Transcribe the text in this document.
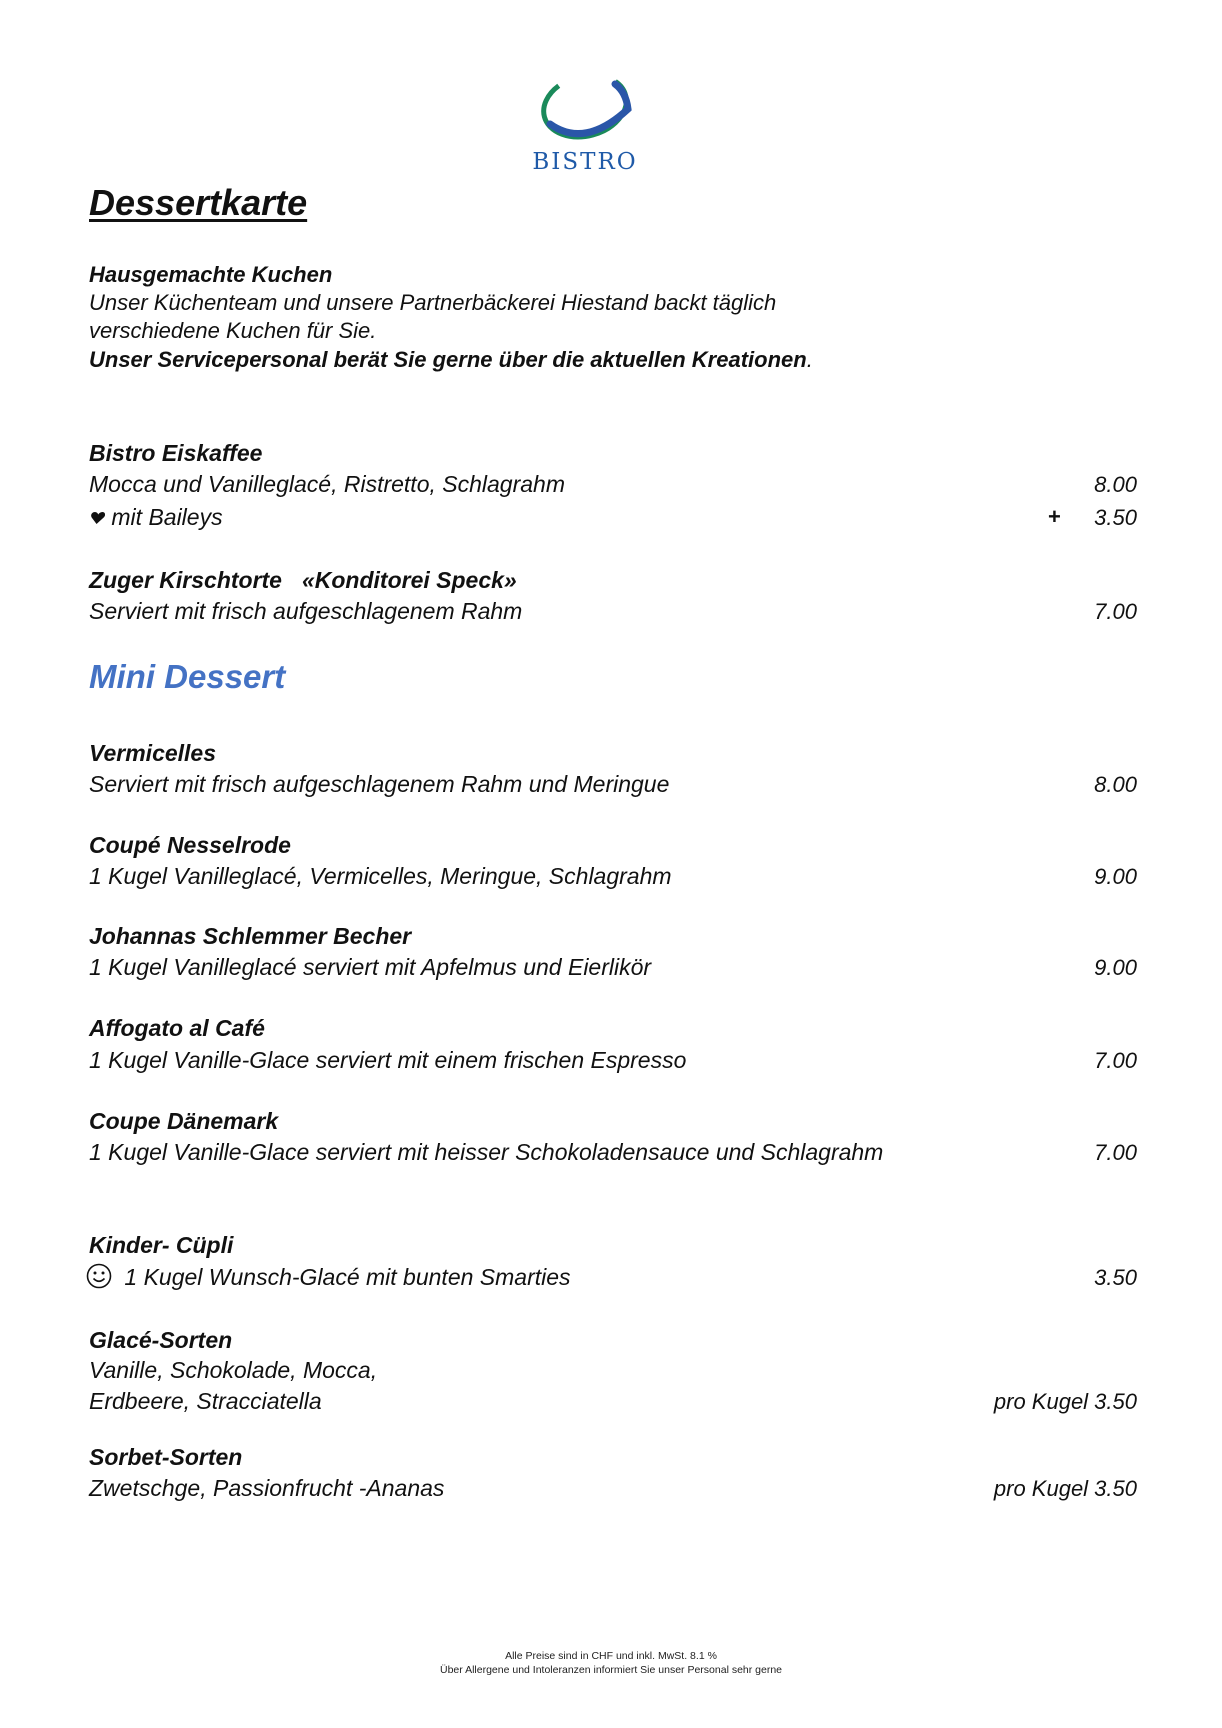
BISTRO
Dessertkarte
Hausgemachte Kuchen
Unser Küchenteam und unsere Partnerbäckerei Hiestand backt täglich
verschiedene Kuchen für Sie.
Unser Servicepersonal berät Sie gerne über die aktuellen Kreationen.
Bistro Eiskaffee
Mocca und Vanilleglacé, Ristretto, Schlagrahm	8.00
mit Baileys	+ 3.50
Zuger Kirschtorte «Konditorei Speck»
Serviert mit frisch aufgeschlagenem Rahm	7.00
Mini Dessert
Vermicelles
Serviert mit frisch aufgeschlagenem Rahm und Meringue	8.00
Coupé Nesselrode
1 Kugel Vanilleglacé, Vermicelles, Meringue, Schlagrahm	9.00
Johannas Schlemmer Becher
1 Kugel Vanilleglacé serviert mit Apfelmus und Eierlikör	9.00
Affogato al Café
1 Kugel Vanille-Glace serviert mit einem frischen Espresso	7.00
Coupe Dänemark
1 Kugel Vanille-Glace serviert mit heisser Schokoladensauce und Schlagrahm	7.00
Kinder- Cüpli
1 Kugel Wunsch-Glacé mit bunten Smarties	3.50
Glacé-Sorten
Vanille, Schokolade, Mocca,
Erdbeere, Stracciatella	pro Kugel 3.50
Sorbet-Sorten
Zwetschge, Passionfrucht -Ananas	pro Kugel 3.50
Alle Preise sind in CHF und inkl. MwSt. 8.1 %
Über Allergene und Intoleranzen informiert Sie unser Personal sehr gerne
